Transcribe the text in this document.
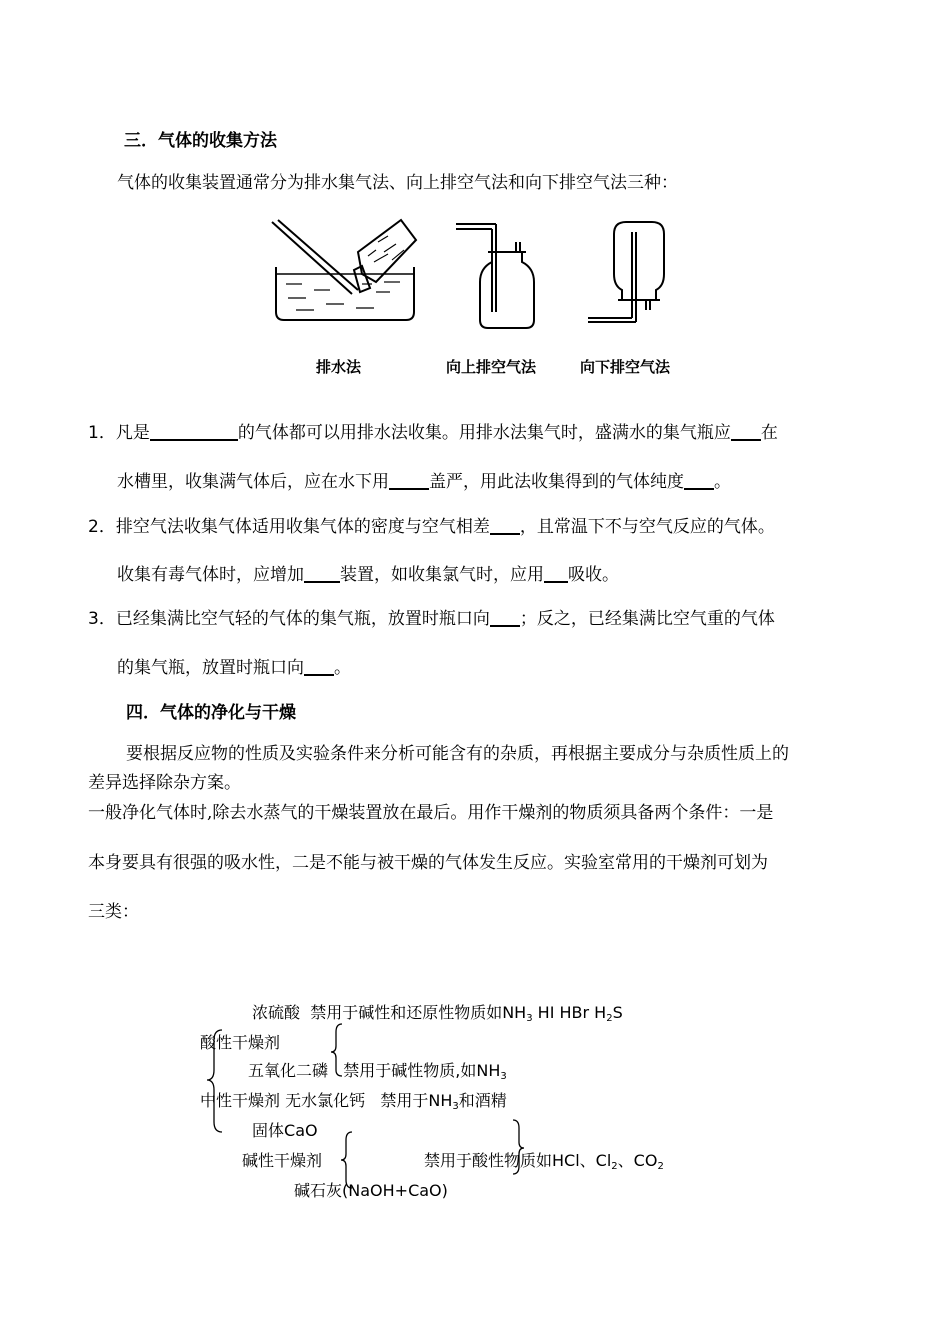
三．气体的收集方法
气体的收集装置通常分为排水集气法、向上排空气法和向下排空气法三种：
排水法	向上排空气法	向下排空气法
1．凡是	的气体都可以用排水法收集。用排水法集气时，盛满水的集气瓶应 在
水槽里，收集满气体后，应在水下用 盖严，用此法收集得到的气体纯度 。
2．排空气法收集气体适用收集气体的密度与空气相差 ，且常温下不与空气反应的气体。
收集有毒气体时，应增加 装置，如收集氯气时，应用 吸收。
3．已经集满比空气轻的气体的集气瓶，放置时瓶口向 ；反之，已经集满比空气重的气体
的集气瓶，放置时瓶口向 。
四．气体的净化与干燥
要根据反应物的性质及实验条件来分析可能含有的杂质，再根据主要成分与杂质性质上的
差异选择除杂方案。
一般净化气体时,除去水蒸气的干燥装置放在最后。用作干燥剂的物质须具备两个条件：一是
本身要具有很强的吸水性，二是不能与被干燥的气体发生反应。实验室常用的干燥剂可划为
三类：
浓硫酸 禁用于碱性和还原性物质如$NH_3$ HI HBr $H_2S$
酸性干燥剂
五氧化二磷 禁用于碱性物质,如$NH_3$
中性干燥剂 无水氯化钙 禁用于$NH_3$和酒精
固体CaO
碱性干燥剂	禁用于酸性物质如HCl、$Cl_2$、$CO_2$
碱石灰(NaOH+CaO)
